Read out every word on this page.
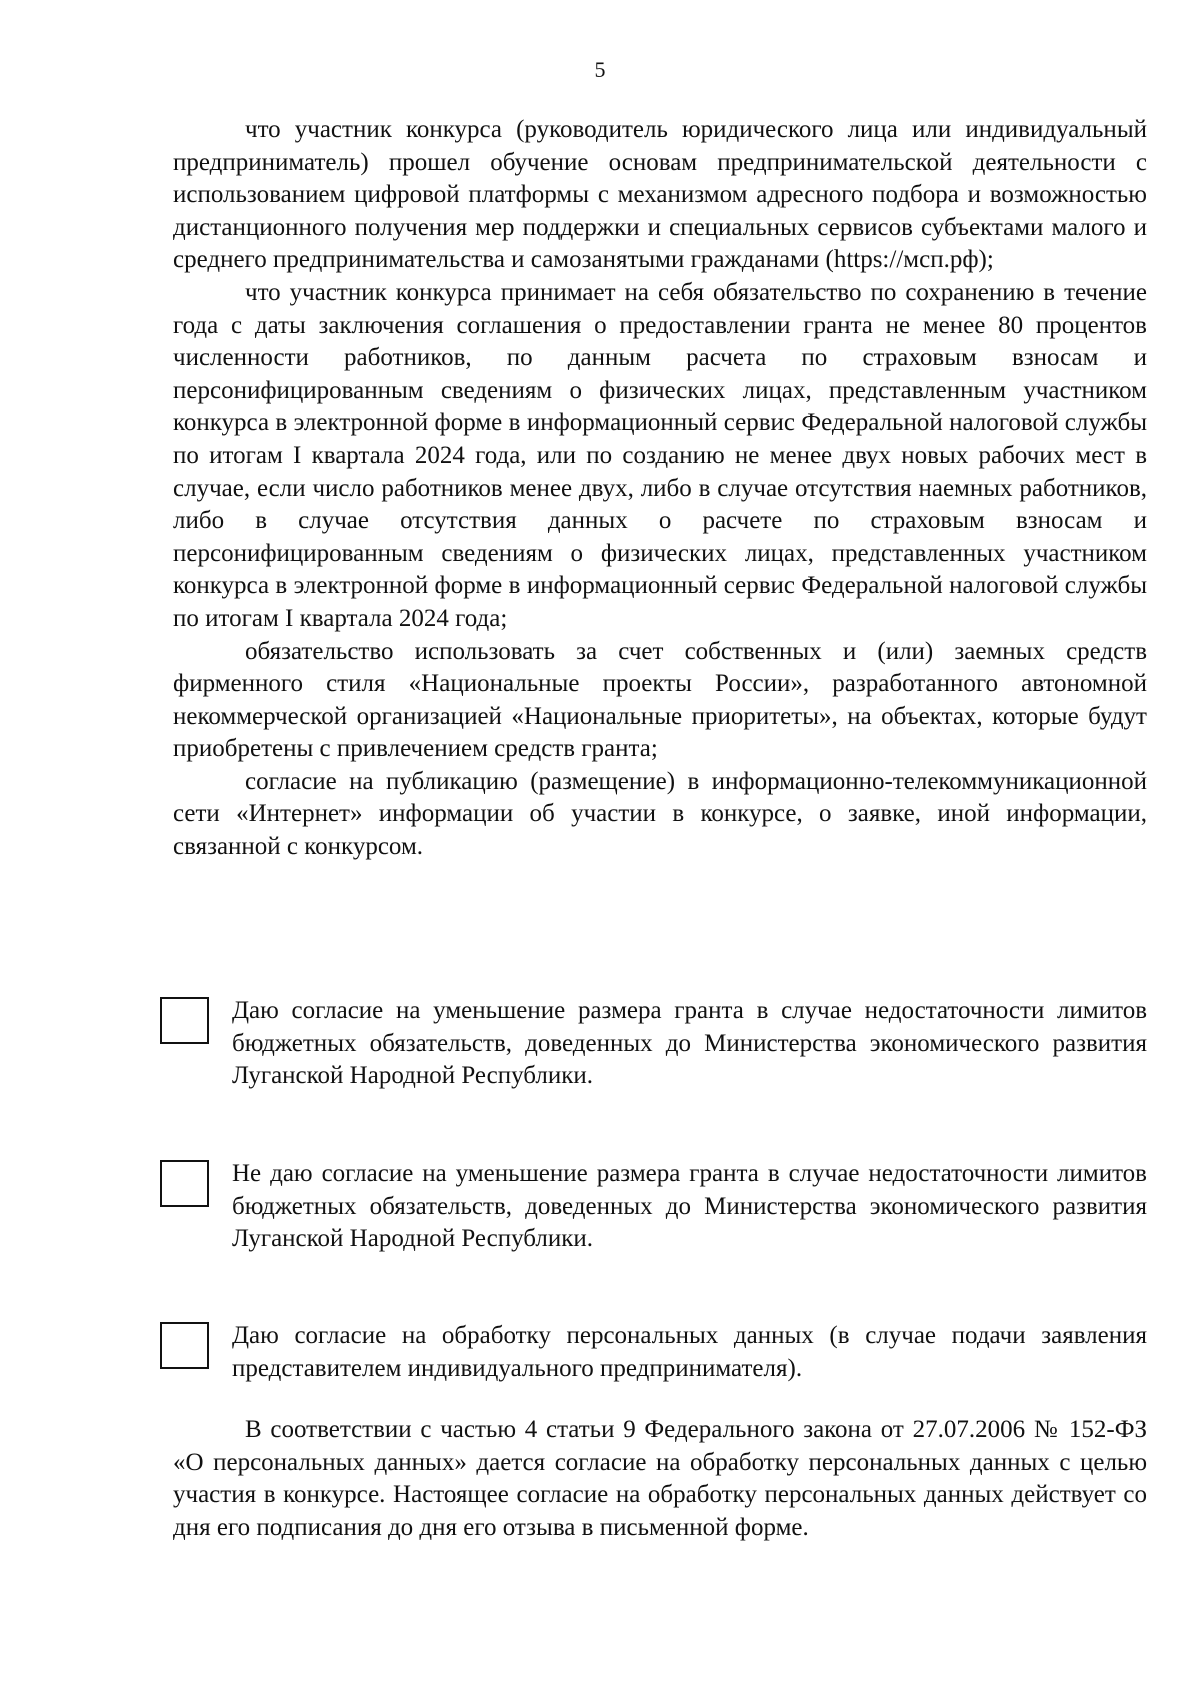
5

что участник конкурса (руководитель юридического лица или индивидуальный предприниматель) прошел обучение основам предпринимательской деятельности с использованием цифровой платформы с механизмом адресного подбора и возможностью дистанционного получения мер поддержки и специальных сервисов субъектами малого и среднего предпринимательства и самозанятыми гражданами (https://мсп.рф);

что участник конкурса принимает на себя обязательство по сохранению в течение года с даты заключения соглашения о предоставлении гранта не менее 80 процентов численности работников, по данным расчета по страховым взносам и персонифицированным сведениям о физических лицах, представленным участником конкурса в электронной форме в информационный сервис Федеральной налоговой службы по итогам I квартала 2024 года, или по созданию не менее двух новых рабочих мест в случае, если число работников менее двух, либо в случае отсутствия наемных работников, либо в случае отсутствия данных о расчете по страховым взносам и персонифицированным сведениям о физических лицах, представленных участником конкурса в электронной форме в информационный сервис Федеральной налоговой службы по итогам I квартала 2024 года;

обязательство использовать за счет собственных и (или) заемных средств фирменного стиля «Национальные проекты России», разработанного автономной некоммерческой организацией «Национальные приоритеты», на объектах, которые будут приобретены с привлечением средств гранта;

согласие на публикацию (размещение) в информационно-телекоммуникационной сети «Интернет» информации об участии в конкурсе, о заявке, иной информации, связанной с конкурсом.

Даю согласие на уменьшение размера гранта в случае недостаточности лимитов бюджетных обязательств, доведенных до Министерства экономического развития Луганской Народной Республики.

Не даю согласие на уменьшение размера гранта в случае недостаточности лимитов бюджетных обязательств, доведенных до Министерства экономического развития Луганской Народной Республики.

Даю согласие на обработку персональных данных (в случае подачи заявления представителем индивидуального предпринимателя).

В соответствии с частью 4 статьи 9 Федерального закона от 27.07.2006 № 152-ФЗ «О персональных данных» дается согласие на обработку персональных данных с целью участия в конкурсе. Настоящее согласие на обработку персональных данных действует со дня его подписания до дня его отзыва в письменной форме.
